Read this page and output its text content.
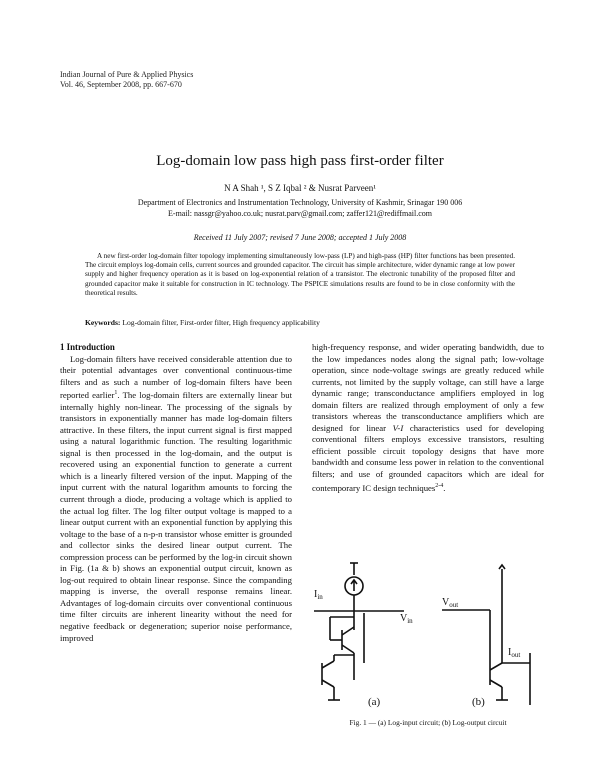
Indian Journal of Pure & Applied Physics
Vol. 46, September 2008, pp. 667-670
Log-domain low pass high pass first-order filter
N A Shah ¹, S Z Iqbal ² & Nusrat Parveen¹
Department of Electronics and Instrumentation Technology, University of Kashmir, Srinagar 190 006
E-mail: nassgr@yahoo.co.uk; nusrat.parv@gmail.com; zaffer121@rediffmail.com
Received 11 July 2007; revised 7 June 2008; accepted 1 July 2008
A new first-order log-domain filter topology implementing simultaneously low-pass (LP) and high-pass (HP) filter functions has been presented. The circuit employs log-domain cells, current sources and grounded capacitor. The circuit has simple architecture, wider dynamic range at low power supply and higher frequency operation as it is based on log-exponential relation of a transistor. The electronic tunability of the proposed filter and grounded capacitor make it suitable for construction in IC technology. The PSPICE simulations results are found to be in close conformity with the theoretical results.
Keywords: Log-domain filter, First-order filter, High frequency applicability
1 Introduction

Log-domain filters have received considerable attention due to their potential advantages over conventional continuous-time filters and as such a number of log-domain filters have been reported earlier$^1$. The log-domain filters are externally linear but internally highly non-linear. The processing of the signals by transistors in exponentially manner has made log-domain filters attractive. In these filters, the input current signal is first mapped using a natural logarithmic function. The resulting logarithmic signal is then processed in the log-domain, and the output is recovered using an exponential function to generate a current which is a linearly filtered version of the input. Mapping of the input current with the natural logarithm amounts to forcing the current through a diode, producing a voltage which is applied to the actual log filter. The log filter output voltage is mapped to a linear output current with an exponential function by applying this voltage to the base of a n-p-n transistor whose emitter is grounded and collector sinks the desired linear output current. The compression process can be performed by the log-in circuit shown in Fig. (1a & b) shows an exponential output circuit, known as log-out required to obtain linear response. Since the companding mapping is inverse, the overall response remains linear. Advantages of log-domain circuits over conventional continuous time filter circuits are inherent linearity without the need for negative feedback or degeneration; superior noise performance, improved

high-frequency response, and wider operating bandwidth, due to the low impedances nodes along the signal path; low-voltage operation, since node-voltage swings are greatly reduced while currents, not limited by the supply voltage, can still have a large dynamic range; transconductance amplifiers employed in log domain filters are realized through employment of only a few transistors whereas the transconductance amplifiers which are designed for linear V-I characteristics used for developing conventional filters employs excessive transistors, resulting efficient possible circuit topology designs that have more bandwidth and consume less power in relation to the conventional filters; and use of grounded capacitors which are ideal for contemporary IC design techniques$^{2-4}$.

$I_{in}$
$V_{in}$
$V_{out}$
$I_{out}$
(a)	(b)
Fig. 1 — (a) Log-input circuit; (b) Log-output circuit
